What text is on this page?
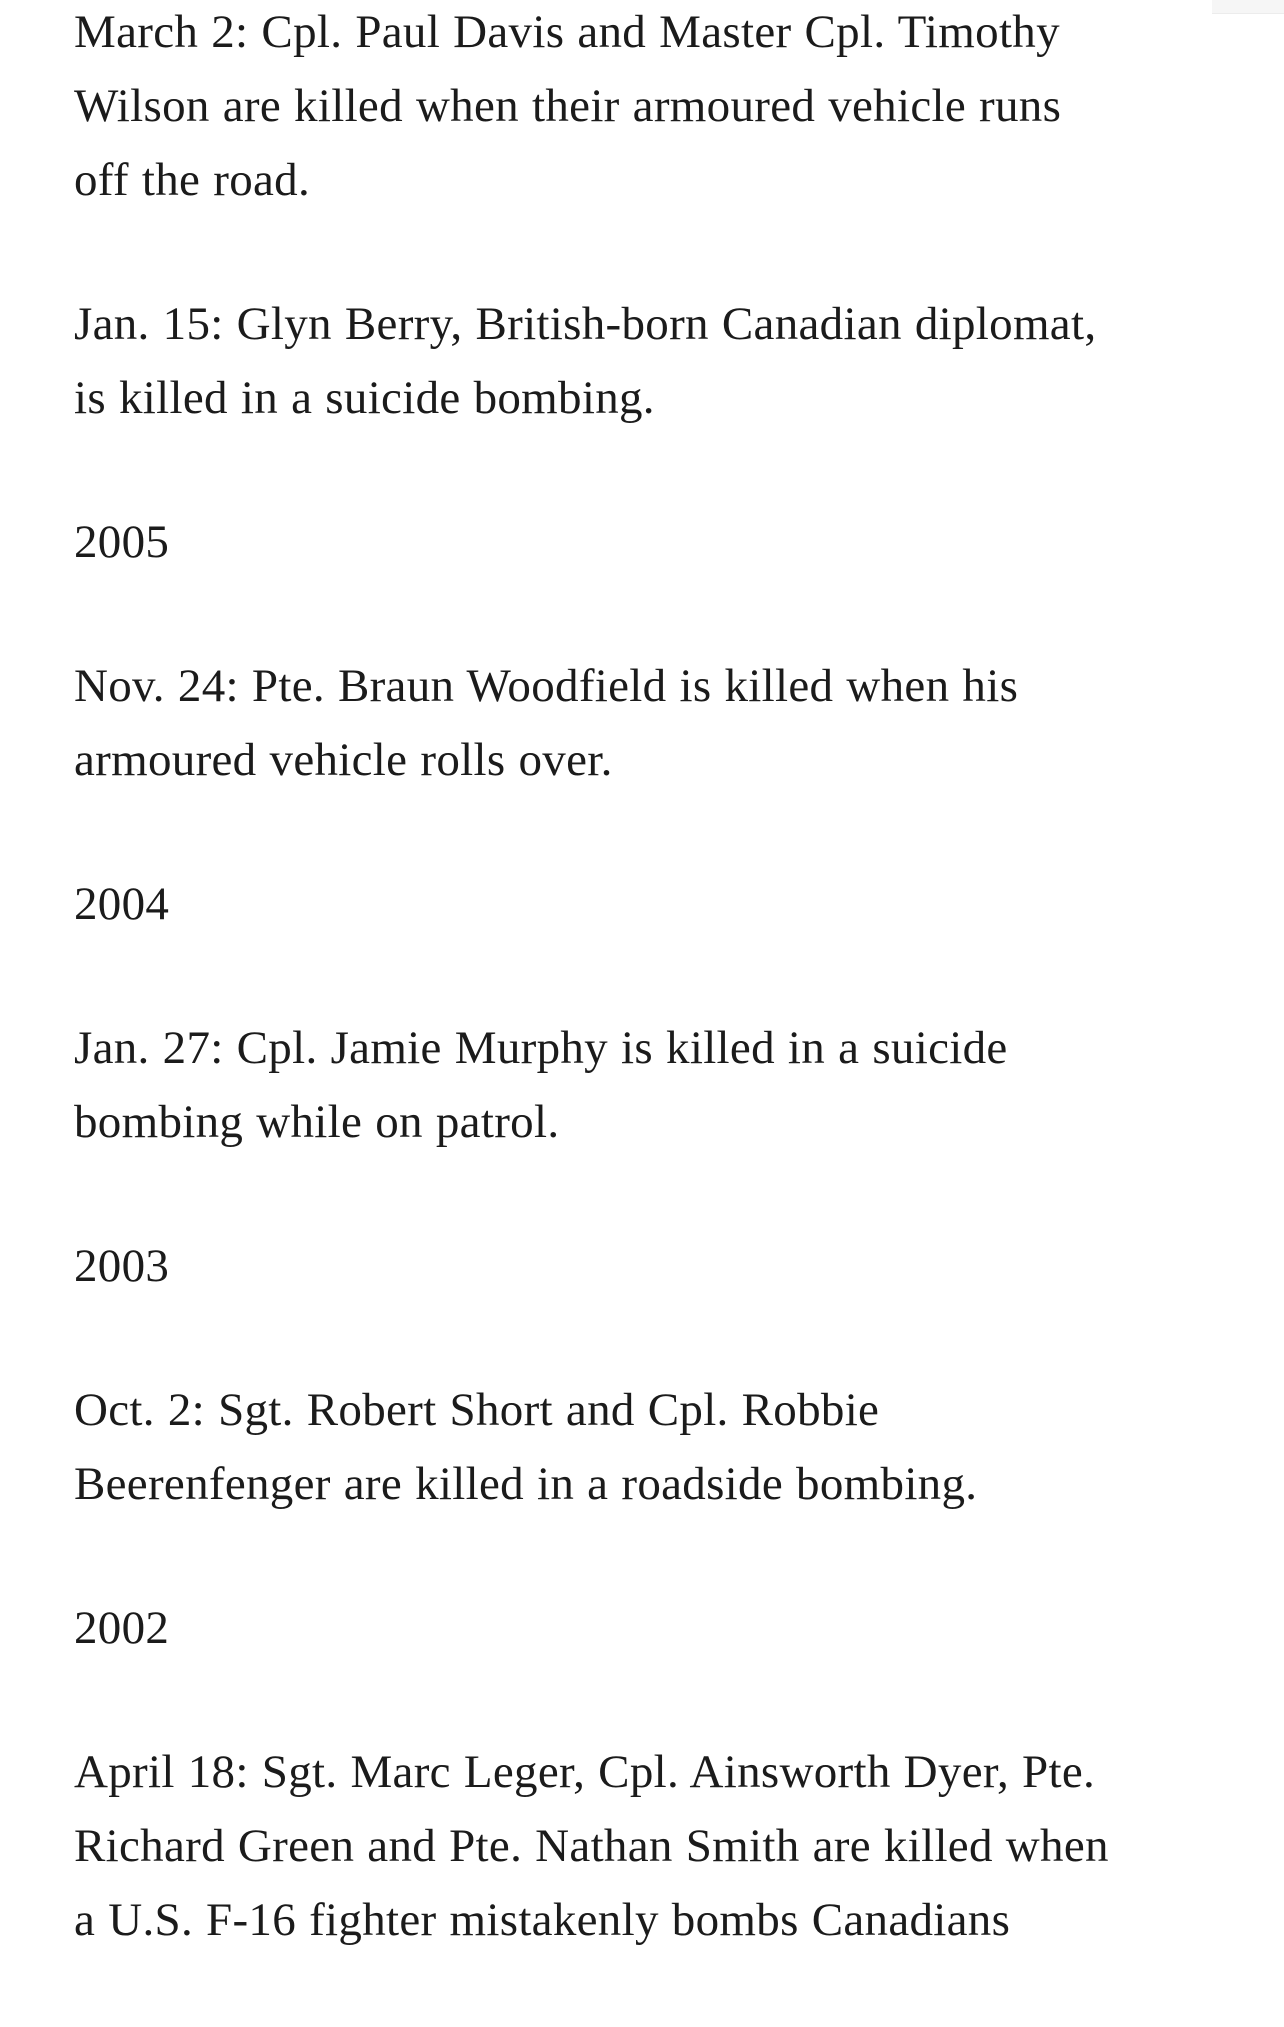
March 2: Cpl. Paul Davis and Master Cpl. Timothy
Wilson are killed when their armoured vehicle runs
off the road.

Jan. 15: Glyn Berry, British-born Canadian diplomat,
is killed in a suicide bombing.

2005

Nov. 24: Pte. Braun Woodfield is killed when his
armoured vehicle rolls over.

2004

Jan. 27: Cpl. Jamie Murphy is killed in a suicide
bombing while on patrol.

2003

Oct. 2: Sgt. Robert Short and Cpl. Robbie
Beerenfenger are killed in a roadside bombing.

2002

April 18: Sgt. Marc Leger, Cpl. Ainsworth Dyer, Pte.
Richard Green and Pte. Nathan Smith are killed when
a U.S. F-16 fighter mistakenly bombs Canadians
